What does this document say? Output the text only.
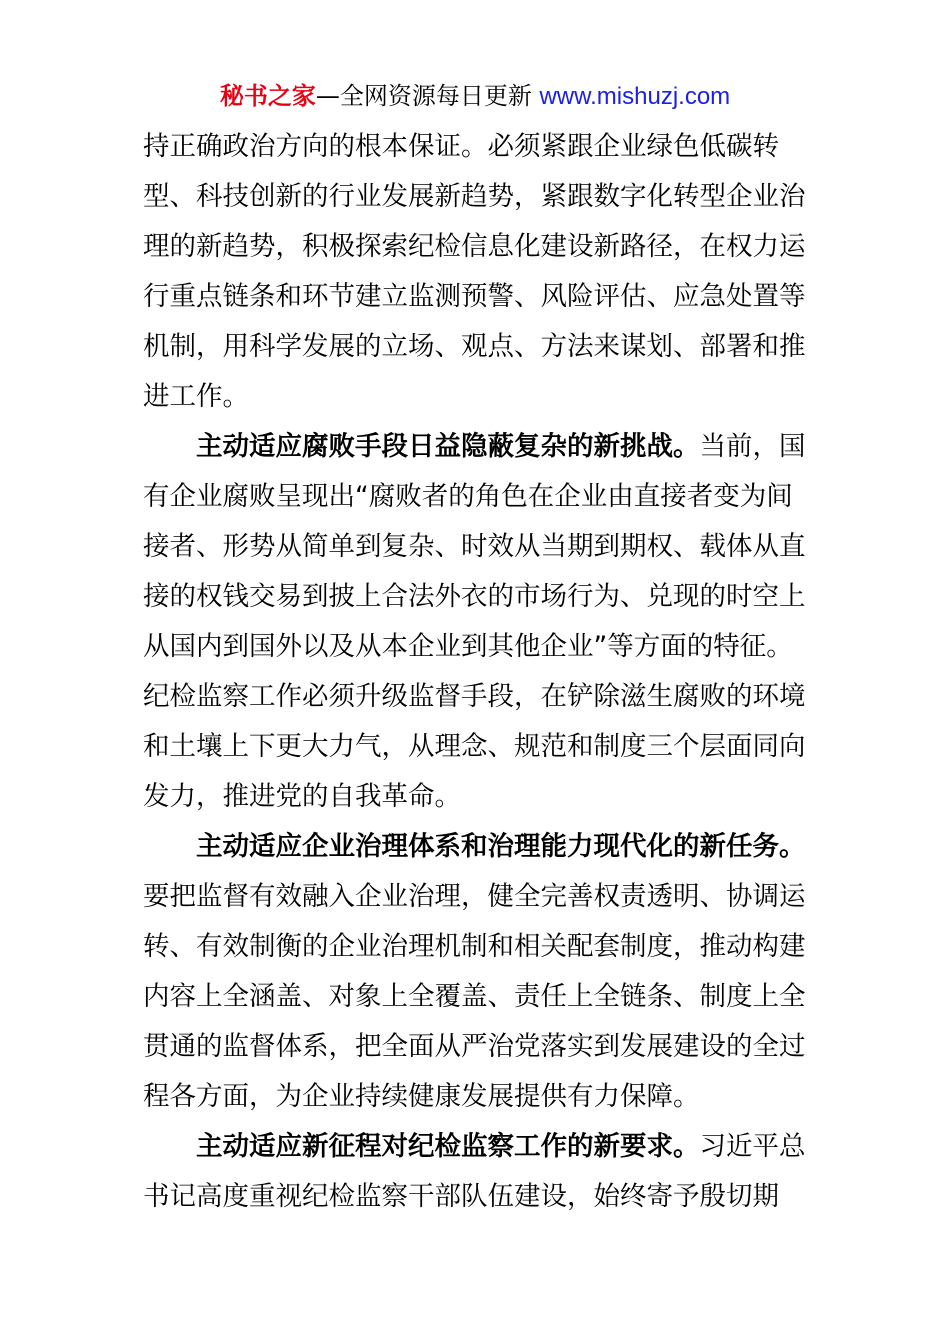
秘书之家—全网资源每日更新 www.mishuzj.com
持正确政治方向的根本保证。必须紧跟企业绿色低碳转
型、科技创新的行业发展新趋势，紧跟数字化转型企业治
理的新趋势，积极探索纪检信息化建设新路径，在权力运
行重点链条和环节建立监测预警、风险评估、应急处置等
机制，用科学发展的立场、观点、方法来谋划、部署和推
进工作。
主动适应腐败手段日益隐蔽复杂的新挑战。当前，国
有企业腐败呈现出“腐败者的角色在企业由直接者变为间
接者、形势从简单到复杂、时效从当期到期权、载体从直
接的权钱交易到披上合法外衣的市场行为、兑现的时空上
从国内到国外以及从本企业到其他企业”等方面的特征。
纪检监察工作必须升级监督手段，在铲除滋生腐败的环境
和土壤上下更大力气，从理念、规范和制度三个层面同向
发力，推进党的自我革命。
主动适应企业治理体系和治理能力现代化的新任务。
要把监督有效融入企业治理，健全完善权责透明、协调运
转、有效制衡的企业治理机制和相关配套制度，推动构建
内容上全涵盖、对象上全覆盖、责任上全链条、制度上全
贯通的监督体系，把全面从严治党落实到发展建设的全过
程各方面，为企业持续健康发展提供有力保障。
主动适应新征程对纪检监察工作的新要求。习近平总
书记高度重视纪检监察干部队伍建设，始终寄予殷切期
